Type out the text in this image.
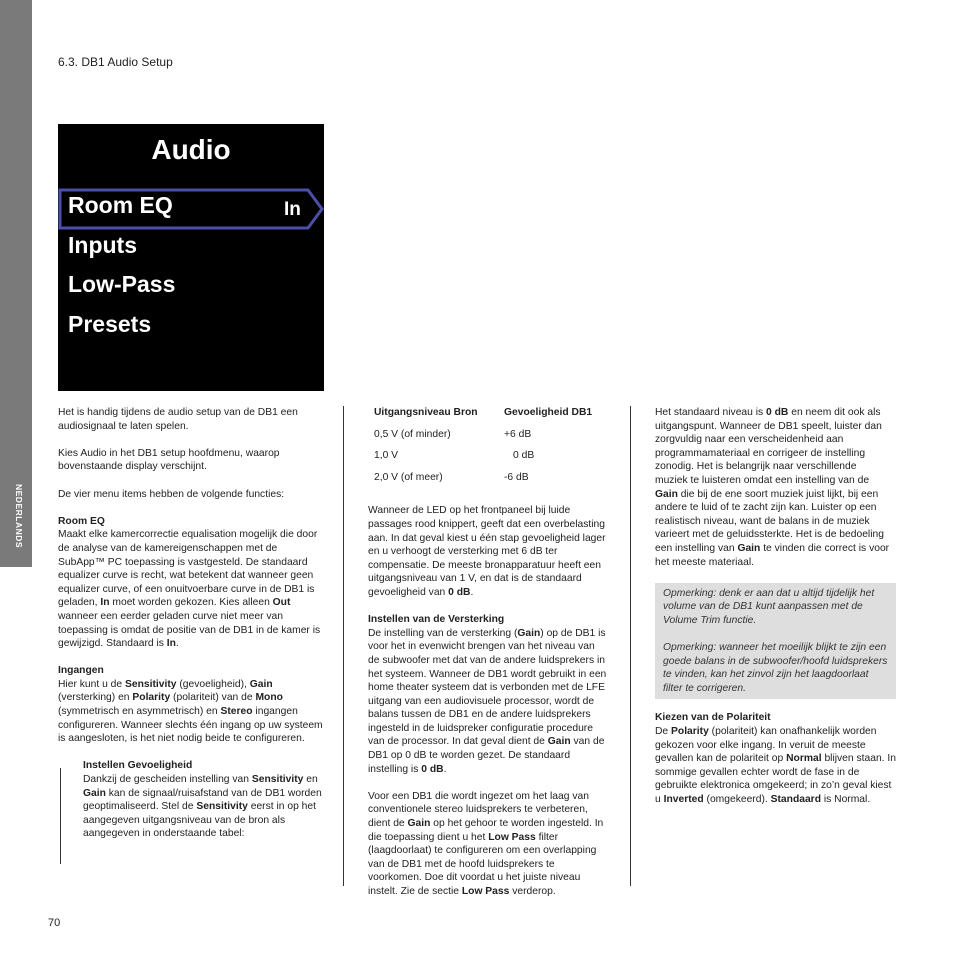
NEDERLANDS
6.3. DB1 Audio Setup
Audio
Room EQ	In
Inputs
Low-Pass
Presets

Het is handig tijdens de audio setup van de DB1 een audiosignaal te laten spelen.

Kies Audio in het DB1 setup hoofdmenu, waarop bovenstaande display verschijnt.

De vier menu items hebben de volgende functies:

Room EQ

Maakt elke kamercorrectie equalisation mogelijk die door de analyse van de kamereigenschappen met de SubApp™ PC toepassing is vastgesteld. De standaard equalizer curve is recht, wat betekent dat wanneer geen equalizer curve, of een onuitvoerbare curve in de DB1 is geladen, In moet worden gekozen. Kies alleen Out wanneer een eerder geladen curve niet meer van toepassing is omdat de positie van de DB1 in de kamer is gewijzigd. Standaard is In.

Ingangen

Hier kunt u de Sensitivity (gevoeligheid), Gain (versterking) en Polarity (polariteit) van de Mono (symmetrisch en asymmetrisch) en Stereo ingangen configureren. Wanneer slechts één ingang op uw systeem is aangesloten, is het niet nodig beide te configureren.

Instellen Gevoeligheid

Dankzij de gescheiden instelling van Sensitivity en Gain kan de signaal/ruisafstand van de DB1 worden geoptimaliseerd. Stel de Sensitivity eerst in op het aangegeven uitgangsniveau van de bron als aangegeven in onderstaande tabel:

Uitgangsniveau Bron	Gevoeligheid DB1
0,5 V (of minder)	+6 dB
1,0 V	0 dB
2,0 V (of meer)	-6 dB

Wanneer de LED op het frontpaneel bij luide passages rood knippert, geeft dat een overbelasting aan. In dat geval kiest u één stap gevoeligheid lager en u verhoogt de versterking met 6 dB ter compensatie. De meeste bronapparatuur heeft een uitgangsniveau van 1 V, en dat is de standaard gevoeligheid van 0 dB.

Instellen van de Versterking

De instelling van de versterking (Gain) op de DB1 is voor het in evenwicht brengen van het niveau van de subwoofer met dat van de andere luidsprekers in het systeem. Wanneer de DB1 wordt gebruikt in een home theater systeem dat is verbonden met de LFE uitgang van een audiovisuele processor, wordt de balans tussen de DB1 en de andere luidsprekers ingesteld in de luidspreker configuratie procedure van de processor. In dat geval dient de Gain van de DB1 op 0 dB te worden gezet. De standaard instelling is 0 dB.

Voor een DB1 die wordt ingezet om het laag van conventionele stereo luidsprekers te verbeteren, dient de Gain op het gehoor te worden ingesteld. In die toepassing dient u het Low Pass filter (laagdoorlaat) te configureren om een overlapping van de DB1 met de hoofd luidsprekers te voorkomen. Doe dit voordat u het juiste niveau instelt. Zie de sectie Low Pass verderop.

Het standaard niveau is 0 dB en neem dit ook als uitgangspunt. Wanneer de DB1 speelt, luister dan zorgvuldig naar een verscheidenheid aan programmamateriaal en corrigeer de instelling zonodig. Het is belangrijk naar verschillende muziek te luisteren omdat een instelling van de Gain die bij de ene soort muziek juist lijkt, bij een andere te luid of te zacht zijn kan. Luister op een realistisch niveau, want de balans in de muziek varieert met de geluidssterkte. Het is de bedoeling een instelling van Gain te vinden die correct is voor het meeste materiaal.

Opmerking: denk er aan dat u altijd tijdelijk het volume van de DB1 kunt aanpassen met de Volume Trim functie.

Opmerking: wanneer het moeilijk blijkt te zijn een goede balans in de subwoofer/hoofd luidsprekers te vinden, kan het zinvol zijn het laagdoorlaat filter te corrigeren.

Kiezen van de Polariteit

De Polarity (polariteit) kan onafhankelijk worden gekozen voor elke ingang. In veruit de meeste gevallen kan de polariteit op Normal blijven staan. In sommige gevallen echter wordt de fase in de gebruikte elektronica omgekeerd; in zo’n geval kiest u Inverted (omgekeerd). Standaard is Normal.

70
